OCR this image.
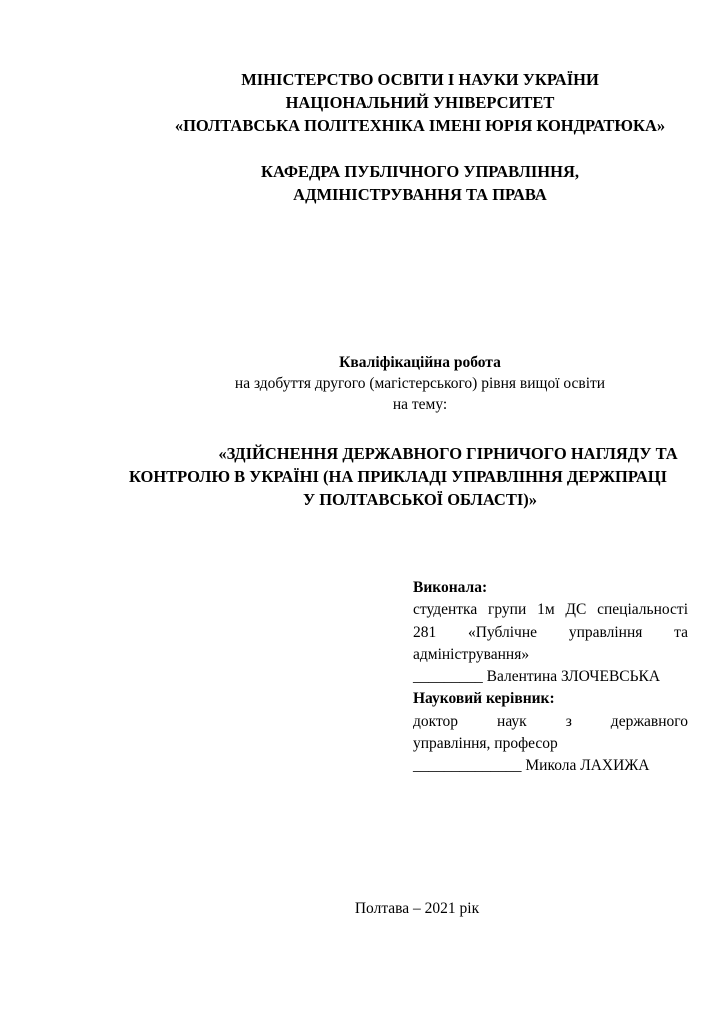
МІНІСТЕРСТВО ОСВІТИ І НАУКИ УКРАЇНИ
НАЦІОНАЛЬНИЙ УНІВЕРСИТЕТ
«ПОЛТАВСЬКА ПОЛІТЕХНІКА ІМЕНІ ЮРІЯ КОНДРАТЮКА»
КАФЕДРА ПУБЛІЧНОГО УПРАВЛІННЯ,
АДМІНІСТРУВАННЯ ТА ПРАВА
Кваліфікаційна робота
на здобуття другого (магістерського) рівня вищої освіти
на тему:
«ЗДІЙСНЕННЯ ДЕРЖАВНОГО ГІРНИЧОГО НАГЛЯДУ ТА
КОНТРОЛЮ В УКРАЇНІ (НА ПРИКЛАДІ УПРАВЛІННЯ ДЕРЖПРАЦІ
У ПОЛТАВСЬКОЇ ОБЛАСТІ)»
Виконала:
студентка групи 1м ДС спеціальності
281 «Публічне управління та
адміністрування»
_________ Валентина ЗЛОЧЕВСЬКА
Науковий керівник:
доктор наук з державного
управління, професор
______________ Микола ЛАХИЖА
Полтава – 2021 рік
